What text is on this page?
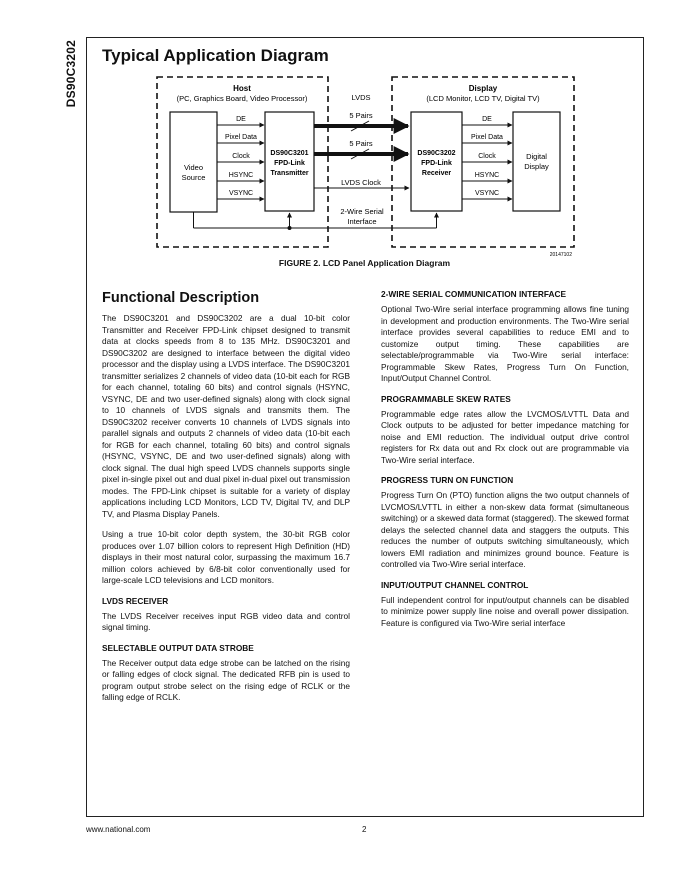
DS90C3202 Typical Application Diagram
Host
(PC, Graphics Board, Video Processor)
Display
(LCD Monitor, LCD TV, Digital TV)
LVDS
Video
Source
DS90C3201
FPD-Link
Transmitter
DS90C3202
FPD-Link
Receiver
Digital
Display
DE
Pixel Data
Clock
HSYNC
VSYNC
DE
Pixel Data
Clock
HSYNC
VSYNC
5 Pairs
5 Pairs
LVDS Clock
2-Wire Serial
Interface
20147102
FIGURE 2. LCD Panel Application Diagram
Functional Description

The DS90C3201 and DS90C3202 are a dual 10-bit color Transmitter and Receiver FPD-Link chipset designed to transmit data at clocks speeds from 8 to 135 MHz. DS90C3201 and DS90C3202 are designed to interface between the digital video processor and the display using a LVDS interface. The DS90C3201 transmitter serializes 2 channels of video data (10-bit each for RGB for each channel, totaling 60 bits) and control signals (HSYNC, VSYNC, DE and two user-defined signals) along with clock signal to 10 channels of LVDS signals and transmits them. The DS90C3202 receiver converts 10 channels of LVDS signals into parallel signals and outputs 2 channels of video data (10-bit each for RGB for each channel, totaling 60 bits) and control signals (HSYNC, VSYNC, DE and two user-defined signals) along with clock signal. The dual high speed LVDS channels supports single pixel in-single pixel out and dual pixel in-dual pixel out transmission modes. The FPD-Link chipset is suitable for a variety of display applications including LCD Monitors, LCD TV, Digital TV, and DLP TV, and Plasma Display Panels.

Using a true 10-bit color depth system, the 30-bit RGB color produces over 1.07 billion colors to represent High Definition (HD) displays in their most natural color, surpassing the maximum 16.7 million colors achieved by 6/8-bit color conventionally used for large-scale LCD televisions and LCD monitors.

LVDS RECEIVER

The LVDS Receiver receives input RGB video data and control signal timing.

SELECTABLE OUTPUT DATA STROBE

The Receiver output data edge strobe can be latched on the rising or falling edges of clock signal. The dedicated RFB pin is used to program output strobe select on the rising edge of RCLK or the falling edge of RCLK.

2-WIRE SERIAL COMMUNICATION INTERFACE

Optional Two-Wire serial interface programming allows fine tuning in development and production environments. The Two-Wire serial interface provides several capabilities to reduce EMI and to customize output timing. These capabilities are selectable/programmable via Two-Wire serial interface: Programmable Skew Rates, Progress Turn On Function, Input/Output Channel Control.

PROGRAMMABLE SKEW RATES

Programmable edge rates allow the LVCMOS/LVTTL Data and Clock outputs to be adjusted for better impedance matching for noise and EMI reduction. The individual output drive control registers for Rx data out and Rx clock out are programmable via Two-Wire serial interface.

PROGRESS TURN ON FUNCTION

Progress Turn On (PTO) function aligns the two output channels of LVCMOS/LVTTL in either a non-skew data format (simultaneous switching) or a skewed data format (staggered). The skewed format delays the selected channel data and staggers the outputs. This reduces the number of outputs switching simultaneously, which lowers EMI radiation and minimizes ground bounce. Feature is controlled via Two-Wire serial interface.

INPUT/OUTPUT CHANNEL CONTROL

Full independent control for input/output channels can be disabled to minimize power supply line noise and overall power dissipation. Feature is configured via Two-Wire serial interface

www.national.com	2
